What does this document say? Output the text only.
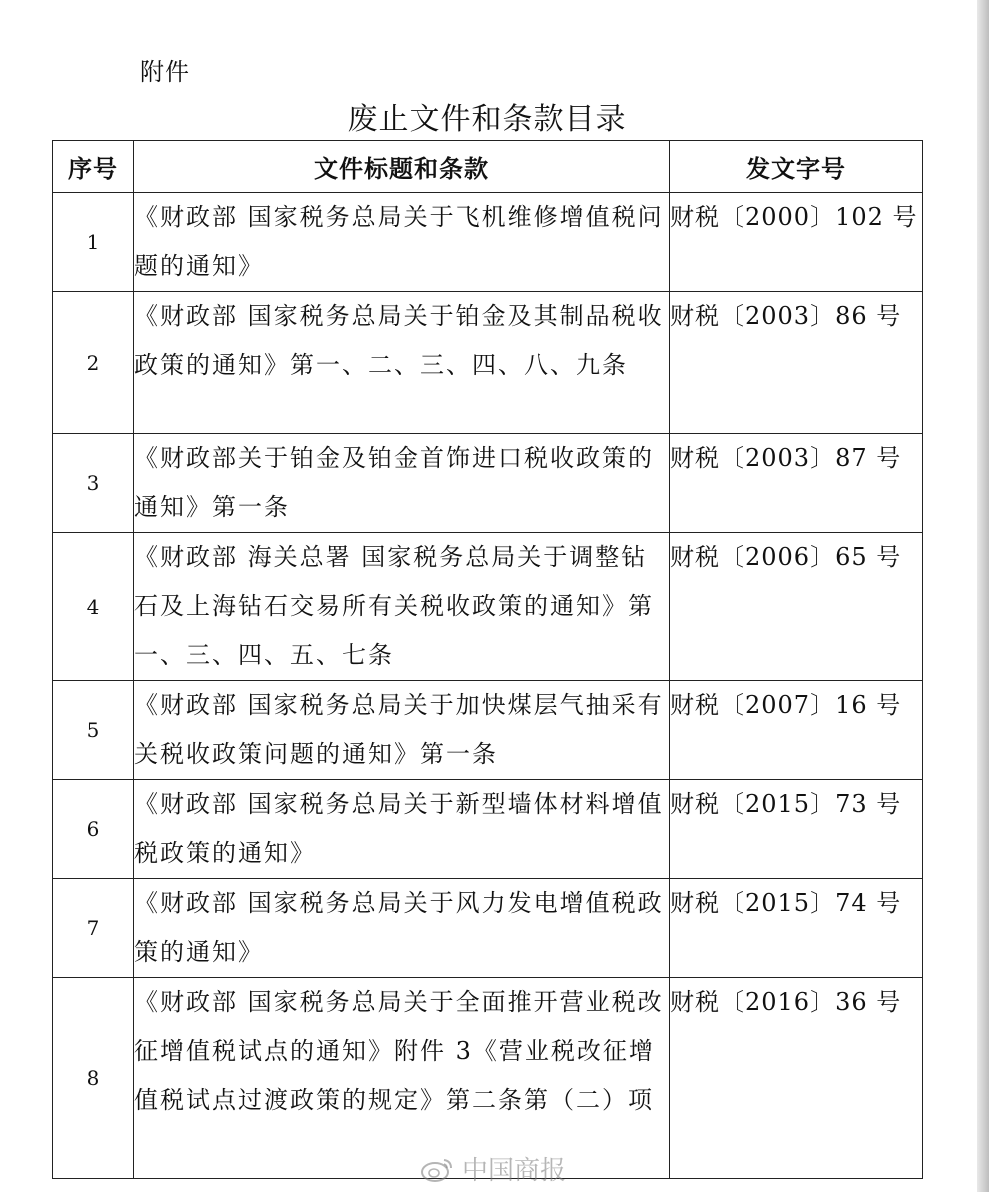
附件
废止文件和条款目录
序号	文件标题和条款	发文字号
1	《财政部 国家税务总局关于飞机维修增值税问题的通知》	财税〔2000〕102 号
2	《财政部 国家税务总局关于铂金及其制品税收政策的通知》第一、二、三、四、八、九条	财税〔2003〕86 号
3	《财政部关于铂金及铂金首饰进口税收政策的通知》第一条	财税〔2003〕87 号
4	《财政部 海关总署 国家税务总局关于调整钻石及上海钻石交易所有关税收政策的通知》第一、三、四、五、七条	财税〔2006〕65 号
5	《财政部 国家税务总局关于加快煤层气抽采有关税收政策问题的通知》第一条	财税〔2007〕16 号
6	《财政部 国家税务总局关于新型墙体材料增值税政策的通知》	财税〔2015〕73 号
7	《财政部 国家税务总局关于风力发电增值税政策的通知》	财税〔2015〕74 号
8	《财政部 国家税务总局关于全面推开营业税改征增值税试点的通知》附件 3《营业税改征增值税试点过渡政策的规定》第二条第（二）项	财税〔2016〕36 号
中国商报
